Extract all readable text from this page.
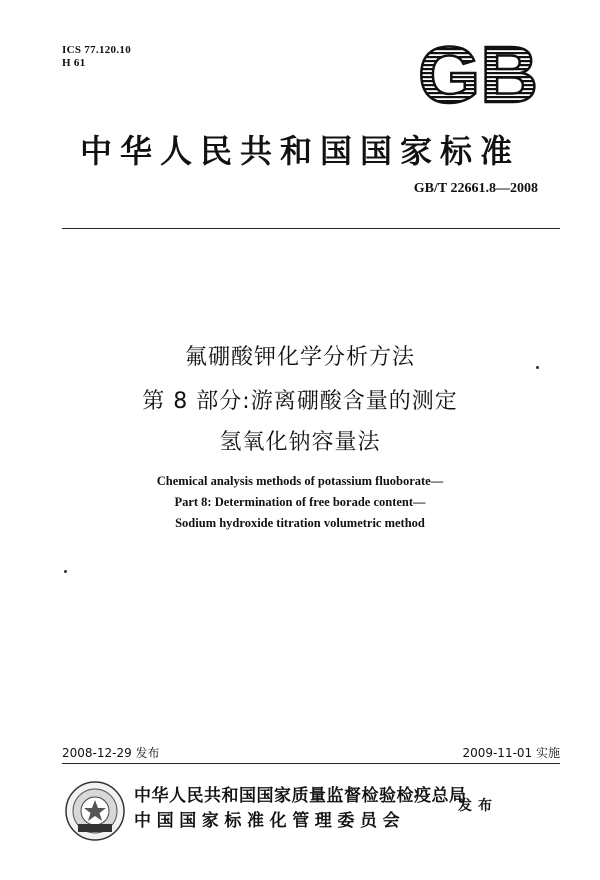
ICS 77.120.10
H 61	GB
中华人民共和国国家标准
GB/T 22661.8—2008
氟硼酸钾化学分析方法
第 8 部分:游离硼酸含量的测定
氢氧化钠容量法
Chemical analysis methods of potassium fluoborate—
Part 8: Determination of free borade content—
Sodium hydroxide titration volumetric method
2008-12-29 发布	2009-11-01 实施
中华人民共和国国家质量监督检验检疫总局
中国国家标准化管理委员会
发布
